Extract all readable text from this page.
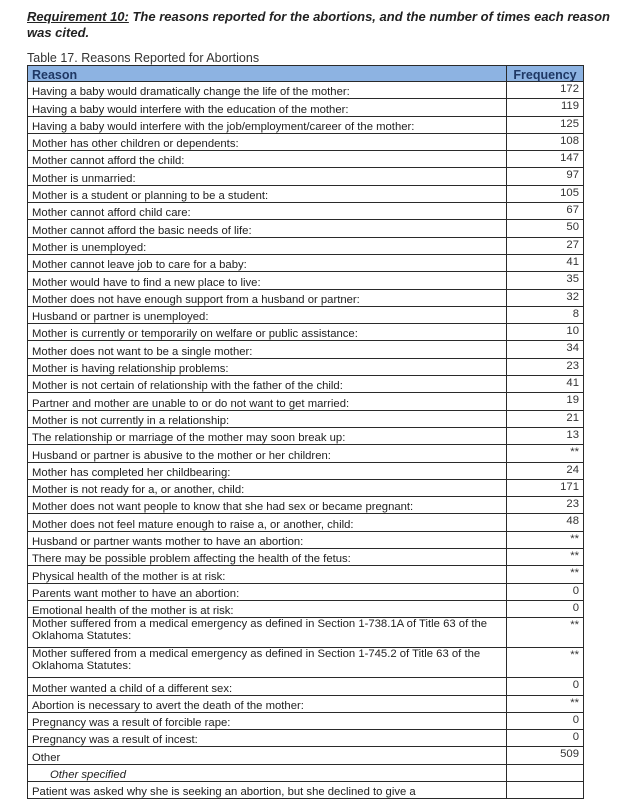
Requirement 10: The reasons reported for the abortions, and the number of times each reason was cited.
Table 17. Reasons Reported for Abortions
Reason	Frequency
Having a baby would dramatically change the life of the mother:	172
Having a baby would interfere with the education of the mother:	119
Having a baby would interfere with the job/employment/career of the mother:	125
Mother has other children or dependents:	108
Mother cannot afford the child:	147
Mother is unmarried:	97
Mother is a student or planning to be a student:	105
Mother cannot afford child care:	67
Mother cannot afford the basic needs of life:	50
Mother is unemployed:	27
Mother cannot leave job to care for a baby:	41
Mother would have to find a new place to live:	35
Mother does not have enough support from a husband or partner:	32
Husband or partner is unemployed:	8
Mother is currently or temporarily on welfare or public assistance:	10
Mother does not want to be a single mother:	34
Mother is having relationship problems:	23
Mother is not certain of relationship with the father of the child:	41
Partner and mother are unable to or do not want to get married:	19
Mother is not currently in a relationship:	21
The relationship or marriage of the mother may soon break up:	13
Husband or partner is abusive to the mother or her children:	**
Mother has completed her childbearing:	24
Mother is not ready for a, or another, child:	171
Mother does not want people to know that she had sex or became pregnant:	23
Mother does not feel mature enough to raise a, or another, child:	48
Husband or partner wants mother to have an abortion:	**
There may be possible problem affecting the health of the fetus:	**
Physical health of the mother is at risk:	**
Parents want mother to have an abortion:	0
Emotional health of the mother is at risk:	0
Mother suffered from a medical emergency as defined in Section 1-738.1A of Title 63 of the Oklahoma Statutes:	**
Mother suffered from a medical emergency as defined in Section 1-745.2 of Title 63 of the Oklahoma Statutes:	**
Mother wanted a child of a different sex:	0
Abortion is necessary to avert the death of the mother:	**
Pregnancy was a result of forcible rape:	0
Pregnancy was a result of incest:	0
Other	509
Other specified	
Patient was asked why she is seeking an abortion, but she declined to give a	
